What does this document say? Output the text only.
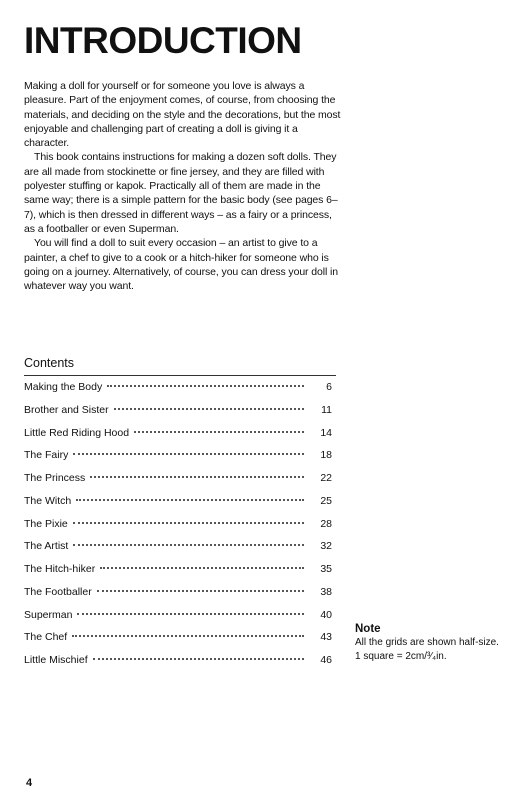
INTRODUCTION

Making a doll for yourself or for someone you love is always a pleasure. Part of the enjoyment comes, of course, from choosing the materials, and deciding on the style and the decorations, but the most enjoyable and challenging part of creating a doll is giving it a character.

This book contains instructions for making a dozen soft dolls. They are all made from stockinette or fine jersey, and they are filled with polyester stuffing or kapok. Practically all of them are made in the same way; there is a simple pattern for the basic body (see pages 6–7), which is then dressed in different ways – as a fairy or a princess, as a footballer or even Superman.

You will find a doll to suit every occasion – an artist to give to a painter, a chef to give to a cook or a hitch-hiker for someone who is going on a journey. Alternatively, of course, you can dress your doll in whatever way you want.

Contents
Making the Body	6
Brother and Sister	11
Little Red Riding Hood	14
The Fairy	18
The Princess	22
The Witch	25
The Pixie	28
The Artist	32
The Hitch-hiker	35
The Footballer	38
Superman	40
The Chef	43
Little Mischief	46

Note

All the grids are shown half-size.

1 square = 2cm/³⁄₄in.

4
